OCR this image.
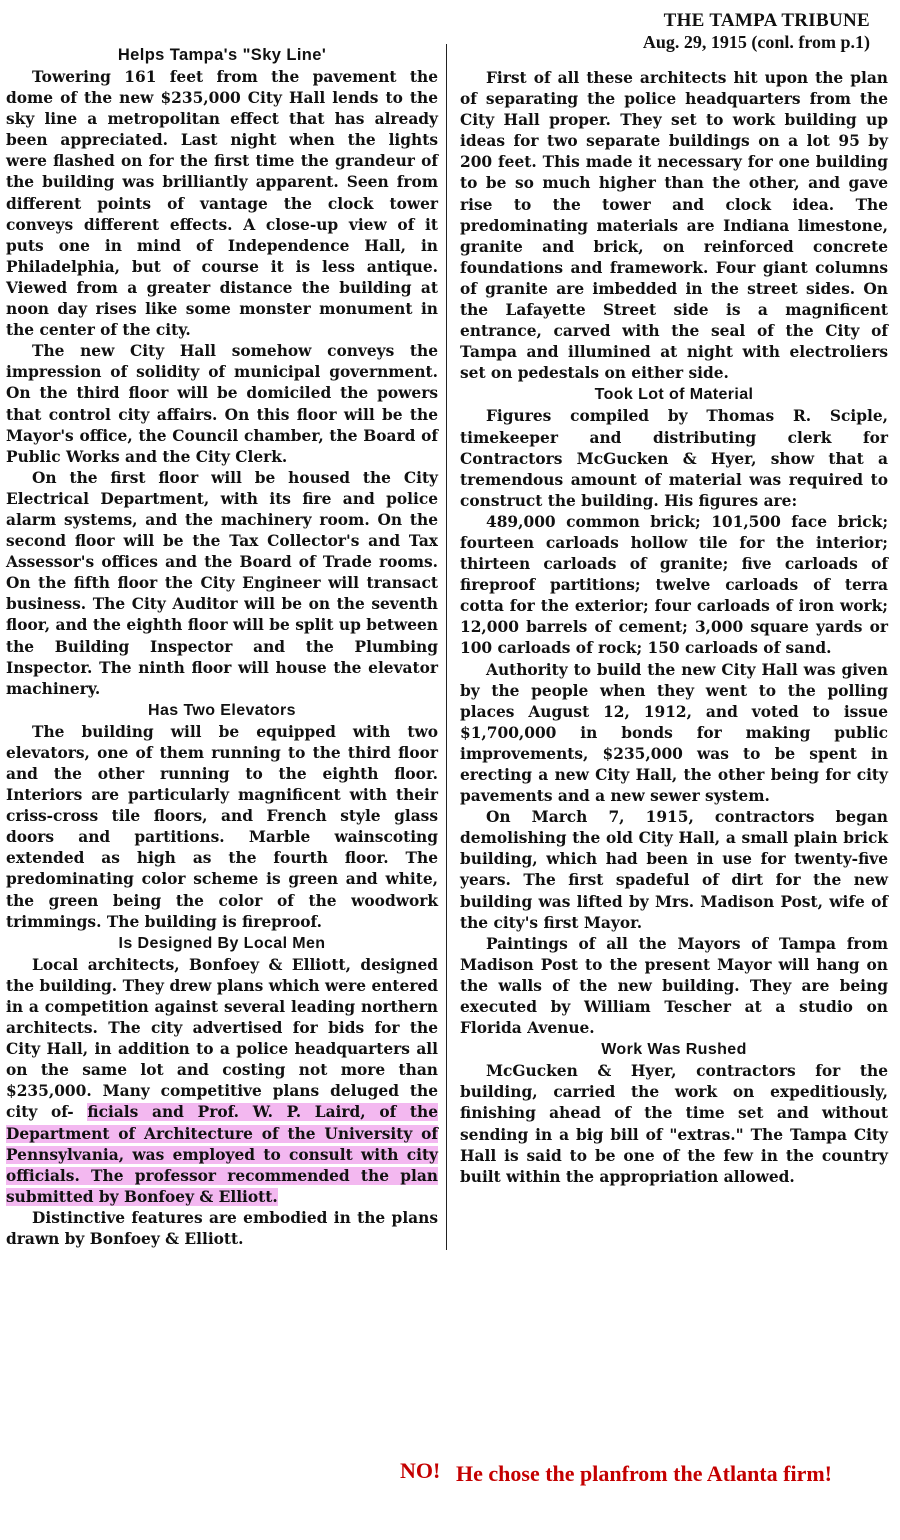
THE TAMPA TRIBUNE
Aug. 29, 1915 (conl. from p.1)
Helps Tampa's "Sky Line'

Towering 161 feet from the pavement the dome of the new $235,000 City Hall lends to the sky line a metropolitan effect that has already been appreciated. Last night when the lights were flashed on for the first time the grandeur of the building was brilliantly apparent. Seen from different points of vantage the clock tower conveys different effects. A close-up view of it puts one in mind of Independence Hall, in Philadelphia, but of course it is less antique. Viewed from a greater distance the building at noon day rises like some monster monument in the center of the city.

The new City Hall somehow conveys the impression of solidity of municipal government. On the third floor will be domiciled the powers that control city affairs. On this floor will be the Mayor's office, the Council chamber, the Board of Public Works and the City Clerk.

On the first floor will be housed the City Electrical Department, with its fire and police alarm systems, and the machinery room. On the second floor will be the Tax Collector's and Tax Assessor's offices and the Board of Trade rooms. On the fifth floor the City Engineer will transact business. The City Auditor will be on the seventh floor, and the eighth floor will be split up between the Building Inspector and the Plumbing Inspector. The ninth floor will house the elevator machinery.

Has Two Elevators

The building will be equipped with two elevators, one of them running to the third floor and the other running to the eighth floor. Interiors are particularly magnificent with their criss-cross tile floors, and French style glass doors and partitions. Marble wainscoting extended as high as the fourth floor. The predominating color scheme is green and white, the green being the color of the woodwork trimmings. The building is fireproof.

Is Designed By Local Men

Local architects, Bonfoey & Elliott, designed the building. They drew plans which were entered in a competition against several leading northern architects. The city advertised for bids for the City Hall, in addition to a police headquarters all on the same lot and costing not more than $235,000. Many competitive plans deluged the city of- ficials and Prof. W. P. Laird, of the Department of Architecture of the University of Pennsylvania, was employed to consult with city officials. The professor recommended the plan submitted by Bonfoey & Elliott.

Distinctive features are embodied in the plans drawn by Bonfoey & Elliott.

First of all these architects hit upon the plan of separating the police headquarters from the City Hall proper. They set to work building up ideas for two separate buildings on a lot 95 by 200 feet. This made it necessary for one building to be so much higher than the other, and gave rise to the tower and clock idea. The predominating materials are Indiana limestone, granite and brick, on reinforced concrete foundations and framework. Four giant columns of granite are imbedded in the street sides. On the Lafayette Street side is a magnificent entrance, carved with the seal of the City of Tampa and illumined at night with electroliers set on pedestals on either side.

Took Lot of Material

Figures compiled by Thomas R. Sciple, timekeeper and distributing clerk for Contractors McGucken & Hyer, show that a tremendous amount of material was required to construct the building. His figures are:

489,000 common brick; 101,500 face brick; fourteen carloads hollow tile for the interior; thirteen carloads of granite; five carloads of fireproof partitions; twelve carloads of terra cotta for the exterior; four carloads of iron work; 12,000 barrels of cement; 3,000 square yards or 100 carloads of rock; 150 carloads of sand.

Authority to build the new City Hall was given by the people when they went to the polling places August 12, 1912, and voted to issue $1,700,000 in bonds for making public improvements, $235,000 was to be spent in erecting a new City Hall, the other being for city pavements and a new sewer system.

On March 7, 1915, contractors began demolishing the old City Hall, a small plain brick building, which had been in use for twenty-five years. The first spadeful of dirt for the new building was lifted by Mrs. Madison Post, wife of the city's first Mayor.

Paintings of all the Mayors of Tampa from Madison Post to the present Mayor will hang on the walls of the new building. They are being executed by William Tescher at a studio on Florida Avenue.

Work Was Rushed

McGucken & Hyer, contractors for the building, carried the work on expeditiously, finishing ahead of the time set and without sending in a big bill of "extras." The Tampa City Hall is said to be one of the few in the country built within the appropriation allowed.

NO! He chose the planfrom the Atlanta firm!
